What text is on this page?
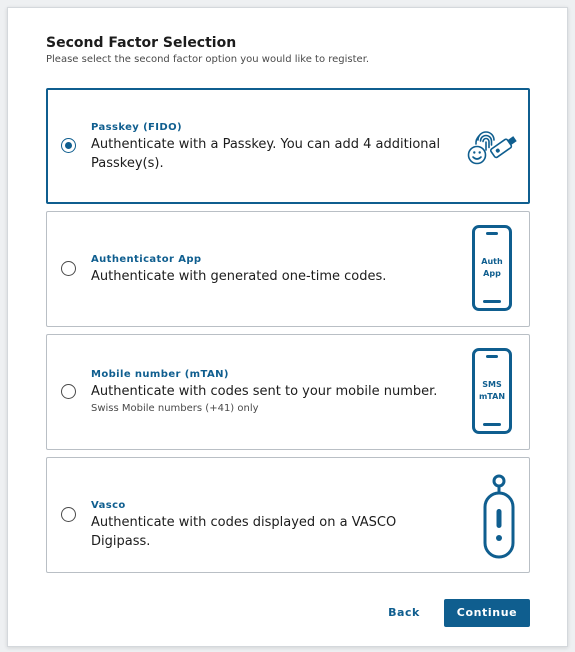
Second Factor Selection
Please select the second factor option you would like to register.
Passkey (FIDO)
Authenticate with a Passkey. You can add 4 additional Passkey(s).
Authenticator App
Authenticate with generated one-time codes.
Auth
App
Mobile number (mTAN)
Authenticate with codes sent to your mobile number.
Swiss Mobile numbers (+41) only
SMS
mTAN
Vasco
Authenticate with codes displayed on a VASCO Digipass.
Back	Continue
